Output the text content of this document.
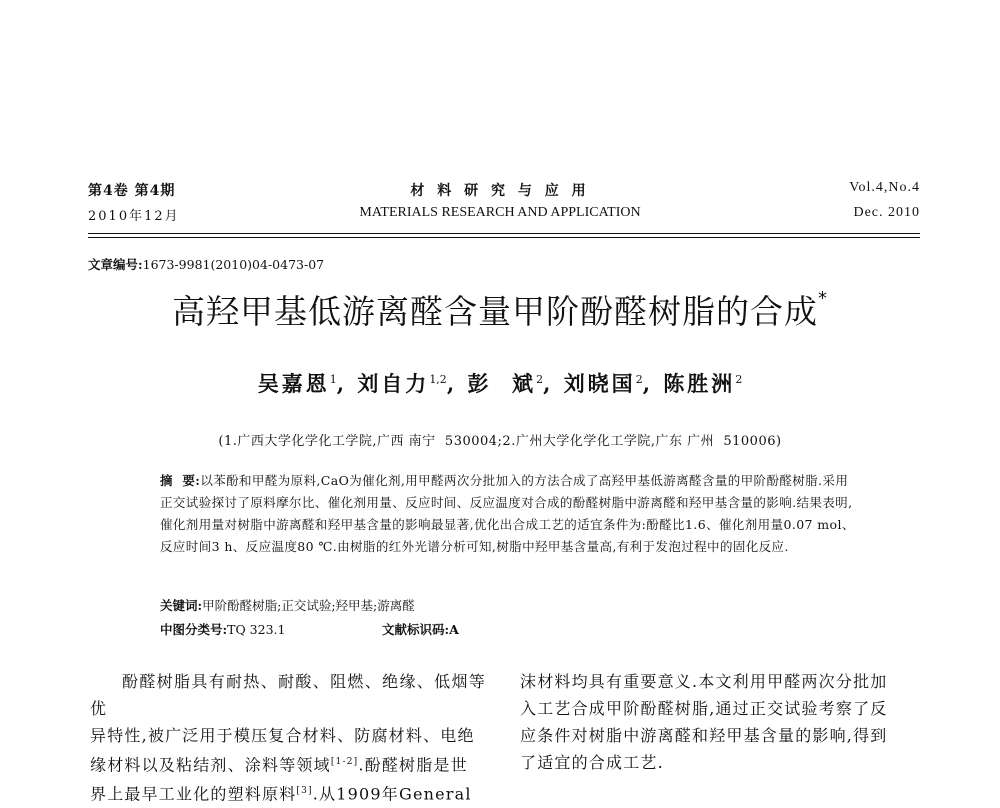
第4卷 第4期
2010年12月
材 料 研 究 与 应 用
MATERIALS RESEARCH AND APPLICATION
Vol.4,No.4
Dec. 2010
文章编号:1673-9981(2010)04-0473-07
高羟甲基低游离醛含量甲阶酚醛树脂的合成*
吴嘉恩$^1$, 刘自力$^{1,2}$, 彭  斌$^2$, 刘晓国$^2$, 陈胜洲$^2$
(1.广西大学化学化工学院,广西 南宁  530004;2.广州大学化学化工学院,广东 广州  510006)
摘  要:以苯酚和甲醛为原料,CaO为催化剂,用甲醛两次分批加入的方法合成了高羟甲基低游离醛含量的甲阶酚醛树脂.采用正交试验探讨了原料摩尔比、催化剂用量、反应时间、反应温度对合成的酚醛树脂中游离醛和羟甲基含量的影响.结果表明,催化剂用量对树脂中游离醛和羟甲基含量的影响最显著,优化出合成工艺的适宜条件为:酚醛比1.6、催化剂用量0.07 mol、反应时间3 h、反应温度80 ℃.由树脂的红外光谱分析可知,树脂中羟甲基含量高,有利于发泡过程中的固化反应.
关键词:甲阶酚醛树脂;正交试验;羟甲基;游离醛
中图分类号:TQ 323.1	文献标识码:A
酚醛树脂具有耐热、耐酸、阻燃、绝缘、低烟等优
异特性,被广泛用于模压复合材料、防腐材料、电绝
缘材料以及粘结剂、涂料等领域[1-2].酚醛树脂是世
界上最早工业化的塑料原料[3].从1909年General
沫材料均具有重要意义.本文利用甲醛两次分批加
入工艺合成甲阶酚醛树脂,通过正交试验考察了反
应条件对树脂中游离醛和羟甲基含量的影响,得到
了适宜的合成工艺.
